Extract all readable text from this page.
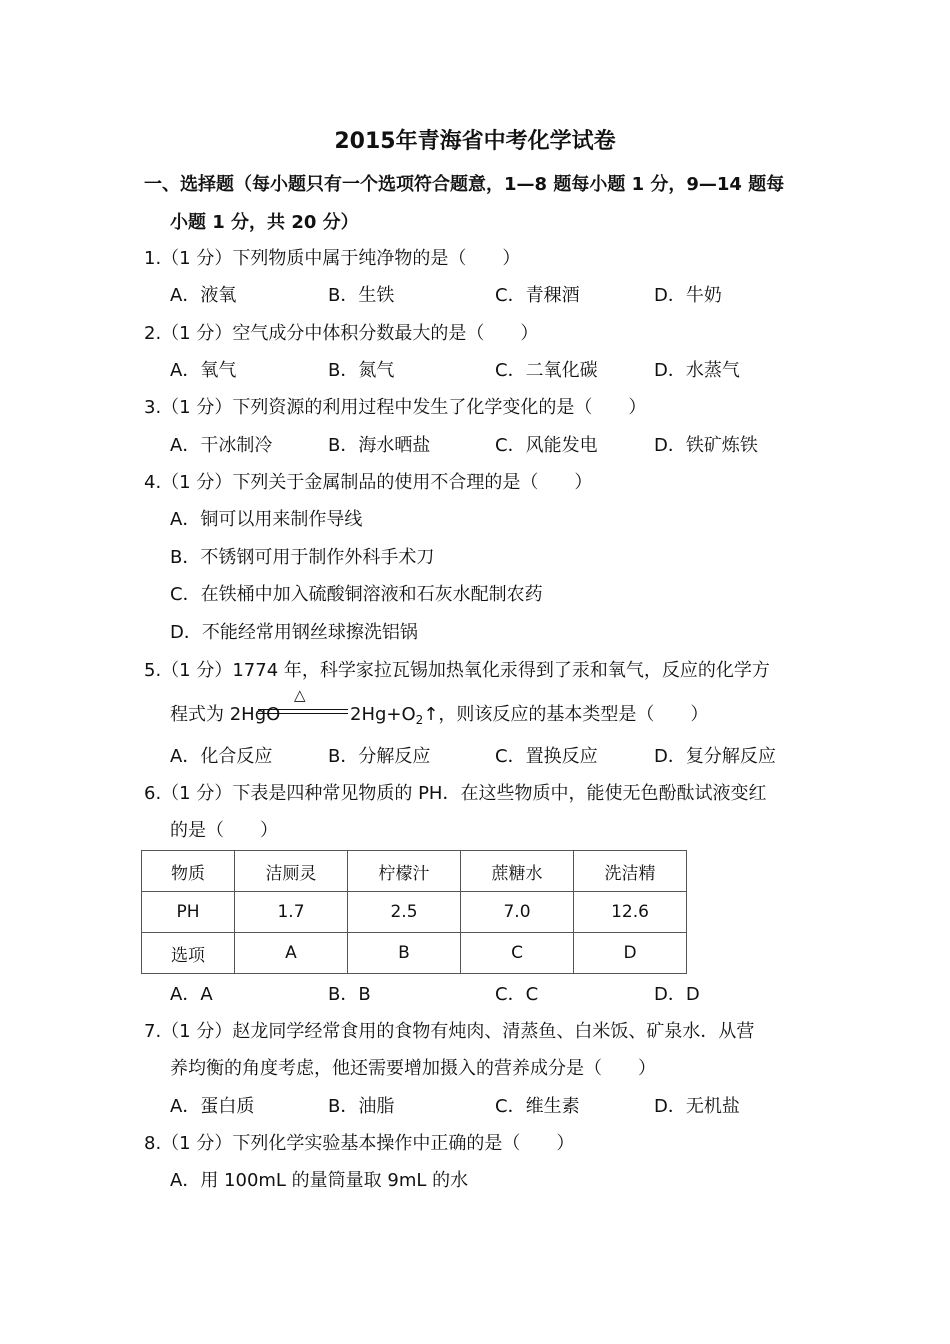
2015年青海省中考化学试卷
一、选择题（每小题只有一个选项符合题意，1—8 题每小题 1 分，9—14 题每
小题 1 分，共 20 分）
1.（1 分）下列物质中属于纯净物的是（　　）
A．液氧	B．生铁	C．青稞酒	D．牛奶
2.（1 分）空气成分中体积分数最大的是（　　）
A．氧气	B．氮气	C．二氧化碳	D．水蒸气
3.（1 分）下列资源的利用过程中发生了化学变化的是（　　）
A．干冰制冷	B．海水晒盐	C．风能发电	D．铁矿炼铁
4.（1 分）下列关于金属制品的使用不合理的是（　　）
A．铜可以用来制作导线
B．不锈钢可用于制作外科手术刀
C．在铁桶中加入硫酸铜溶液和石灰水配制农药
D．不能经常用钢丝球擦洗铝锅
5.（1 分）1774 年，科学家拉瓦锡加热氧化汞得到了汞和氧气，反应的化学方
程式为 2HgO
△
$2Hg+O_2↑$，则该反应的基本类型是（　　）
A．化合反应	B．分解反应	C．置换反应	D．复分解反应
6.（1 分）下表是四种常见物质的 PH．在这些物质中，能使无色酚酞试液变红
的是（　　）
物质	洁厕灵	柠檬汁	蔗糖水	洗洁精
PH	1.7	2.5	7.0	12.6
选项	A	B	C	D
A．A	B．B	C．C	D．D
7.（1 分）赵龙同学经常食用的食物有炖肉、清蒸鱼、白米饭、矿泉水．从营
养均衡的角度考虑，他还需要增加摄入的营养成分是（　　）
A．蛋白质	B．油脂	C．维生素	D．无机盐
8.（1 分）下列化学实验基本操作中正确的是（　　）
A．用 100mL 的量筒量取 9mL 的水
